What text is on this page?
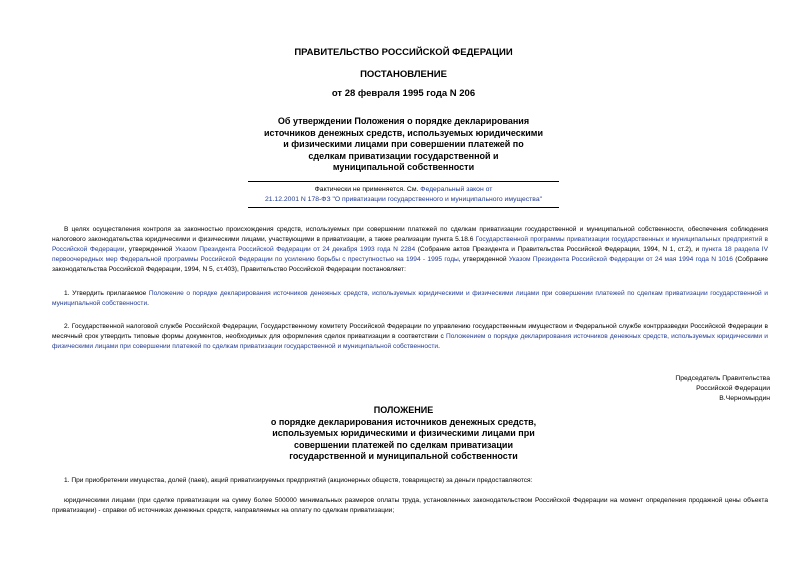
ПРАВИТЕЛЬСТВО РОССИЙСКОЙ ФЕДЕРАЦИИ
ПОСТАНОВЛЕНИЕ
от 28 февраля 1995 года N 206
Об утверждении Положения о порядке декларирования
источников денежных средств, используемых юридическими
и физическими лицами при совершении платежей по
сделкам приватизации государственной и
муниципальной собственности
Фактически не применяется. См. Федеральный закон от
21.12.2001 N 178-ФЗ "О приватизации государственного и муниципального имущества"

В целях осуществления контроля за законностью происхождения средств, используемых при совершении платежей по сделкам приватизации государственной и муниципальной собственности, обеспечения соблюдения налогового законодательства юридическими и физическими лицами, участвующими в приватизации, а также реализации пункта 5.18.6 Государственной программы приватизации государственных и муниципальных предприятий в Российской Федерации, утвержденной Указом Президента Российской Федерации от 24 декабря 1993 года N 2284 (Собрание актов Президента и Правительства Российской Федерации, 1994, N 1, ст.2), и пункта 18 раздела IV первоочередных мер Федеральной программы Российской Федерации по усилению борьбы с преступностью на 1994 - 1995 годы, утвержденной Указом Президента Российской Федерации от 24 мая 1994 года N 1016 (Собрание законодательства Российской Федерации, 1994, N 5, ст.403), Правительство Российской Федерации постановляет:

1. Утвердить прилагаемое Положение о порядке декларирования источников денежных средств, используемых юридическими и физическими лицами при совершении платежей по сделкам приватизации государственной и муниципальной собственности.

2. Государственной налоговой службе Российской Федерации, Государственному комитету Российской Федерации по управлению государственным имуществом и Федеральной службе контрразведки Российской Федерации в месячный срок утвердить типовые формы документов, необходимых для оформления сделок приватизации в соответствии с Положением о порядке декларирования источников денежных средств, используемых юридическими и физическими лицами при совершении платежей по сделкам приватизации государственной и муниципальной собственности.

Председатель Правительства
Российской Федерации
В.Черномырдин
ПОЛОЖЕНИЕ
о порядке декларирования источников денежных средств,
используемых юридическими и физическими лицами при
совершении платежей по сделкам приватизации
государственной и муниципальной собственности

1. При приобретении имущества, долей (паев), акций приватизируемых предприятий (акционерных обществ, товариществ) за деньги предоставляются:

юридическими лицами (при сделке приватизации на сумму более 500000 минимальных размеров оплаты труда, установленных законодательством Российской Федерации на момент определения продажной цены объекта приватизации) - справки об источниках денежных средств, направляемых на оплату по сделкам приватизации;
